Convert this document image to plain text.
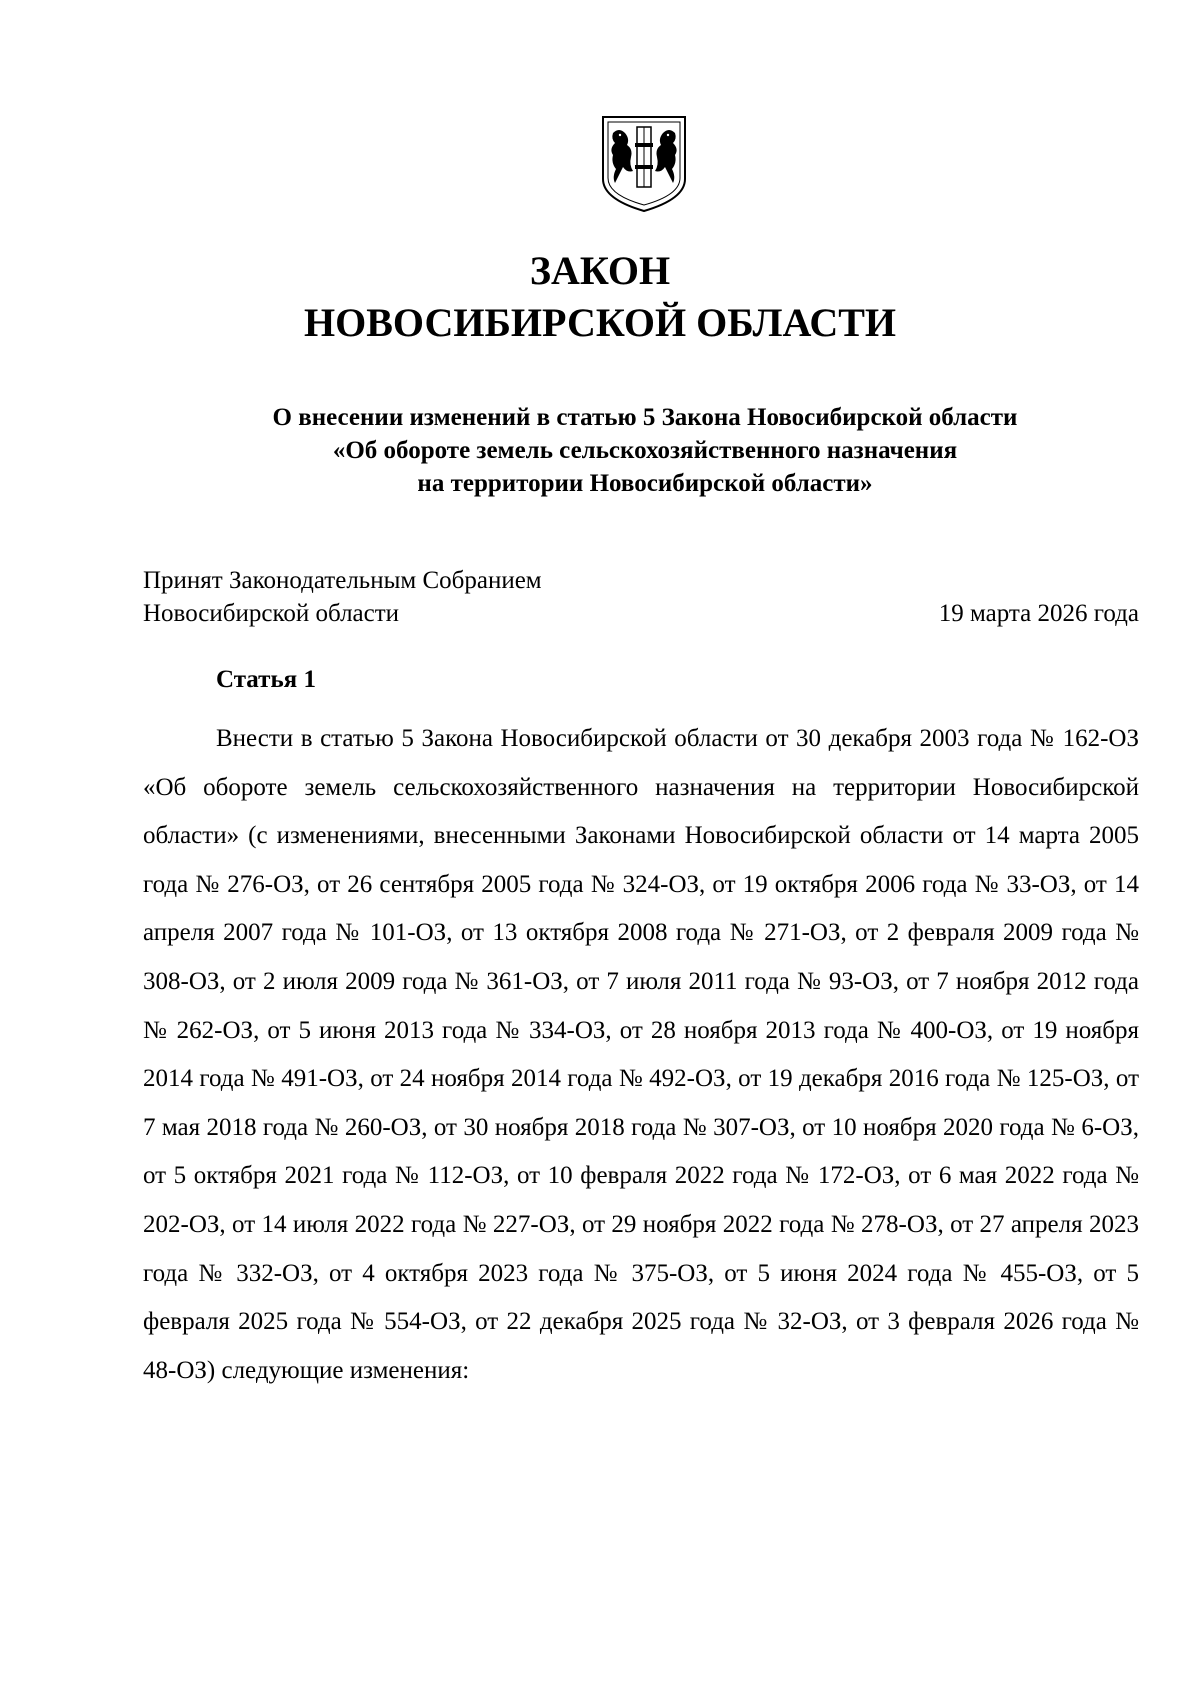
ЗАКОН
НОВОСИБИРСКОЙ ОБЛАСТИ
О внесении изменений в статью 5 Закона Новосибирской области
«Об обороте земель сельскохозяйственного назначения
на территории Новосибирской области»
Принят Законодательным Собранием
Новосибирской области	19 марта 2026 года
Статья 1

Внести в статью 5 Закона Новосибирской области от 30 декабря 2003 года № 162-ОЗ «Об обороте земель сельскохозяйственного назначения на территории Новосибирской области» (с изменениями, внесенными Законами Новосибирской области от 14 марта 2005 года № 276-ОЗ, от 26 сентября 2005 года № 324-ОЗ, от 19 октября 2006 года № 33-ОЗ, от 14 апреля 2007 года № 101-ОЗ, от 13 октября 2008 года № 271-ОЗ, от 2 февраля 2009 года № 308-ОЗ, от 2 июля 2009 года № 361-ОЗ, от 7 июля 2011 года № 93-ОЗ, от 7 ноября 2012 года № 262-ОЗ, от 5 июня 2013 года № 334-ОЗ, от 28 ноября 2013 года № 400-ОЗ, от 19 ноября 2014 года № 491-ОЗ, от 24 ноября 2014 года № 492-ОЗ, от 19 декабря 2016 года № 125-ОЗ, от 7 мая 2018 года № 260-ОЗ, от 30 ноября 2018 года № 307-ОЗ, от 10 ноября 2020 года № 6-ОЗ, от 5 октября 2021 года № 112-ОЗ, от 10 февраля 2022 года № 172-ОЗ, от 6 мая 2022 года № 202-ОЗ, от 14 июля 2022 года № 227-ОЗ, от 29 ноября 2022 года № 278-ОЗ, от 27 апреля 2023 года № 332-ОЗ, от 4 октября 2023 года № 375-ОЗ, от 5 июня 2024 года № 455-ОЗ, от 5 февраля 2025 года № 554-ОЗ, от 22 декабря 2025 года № 32-ОЗ, от 3 февраля 2026 года № 48-ОЗ) следующие изменения:
